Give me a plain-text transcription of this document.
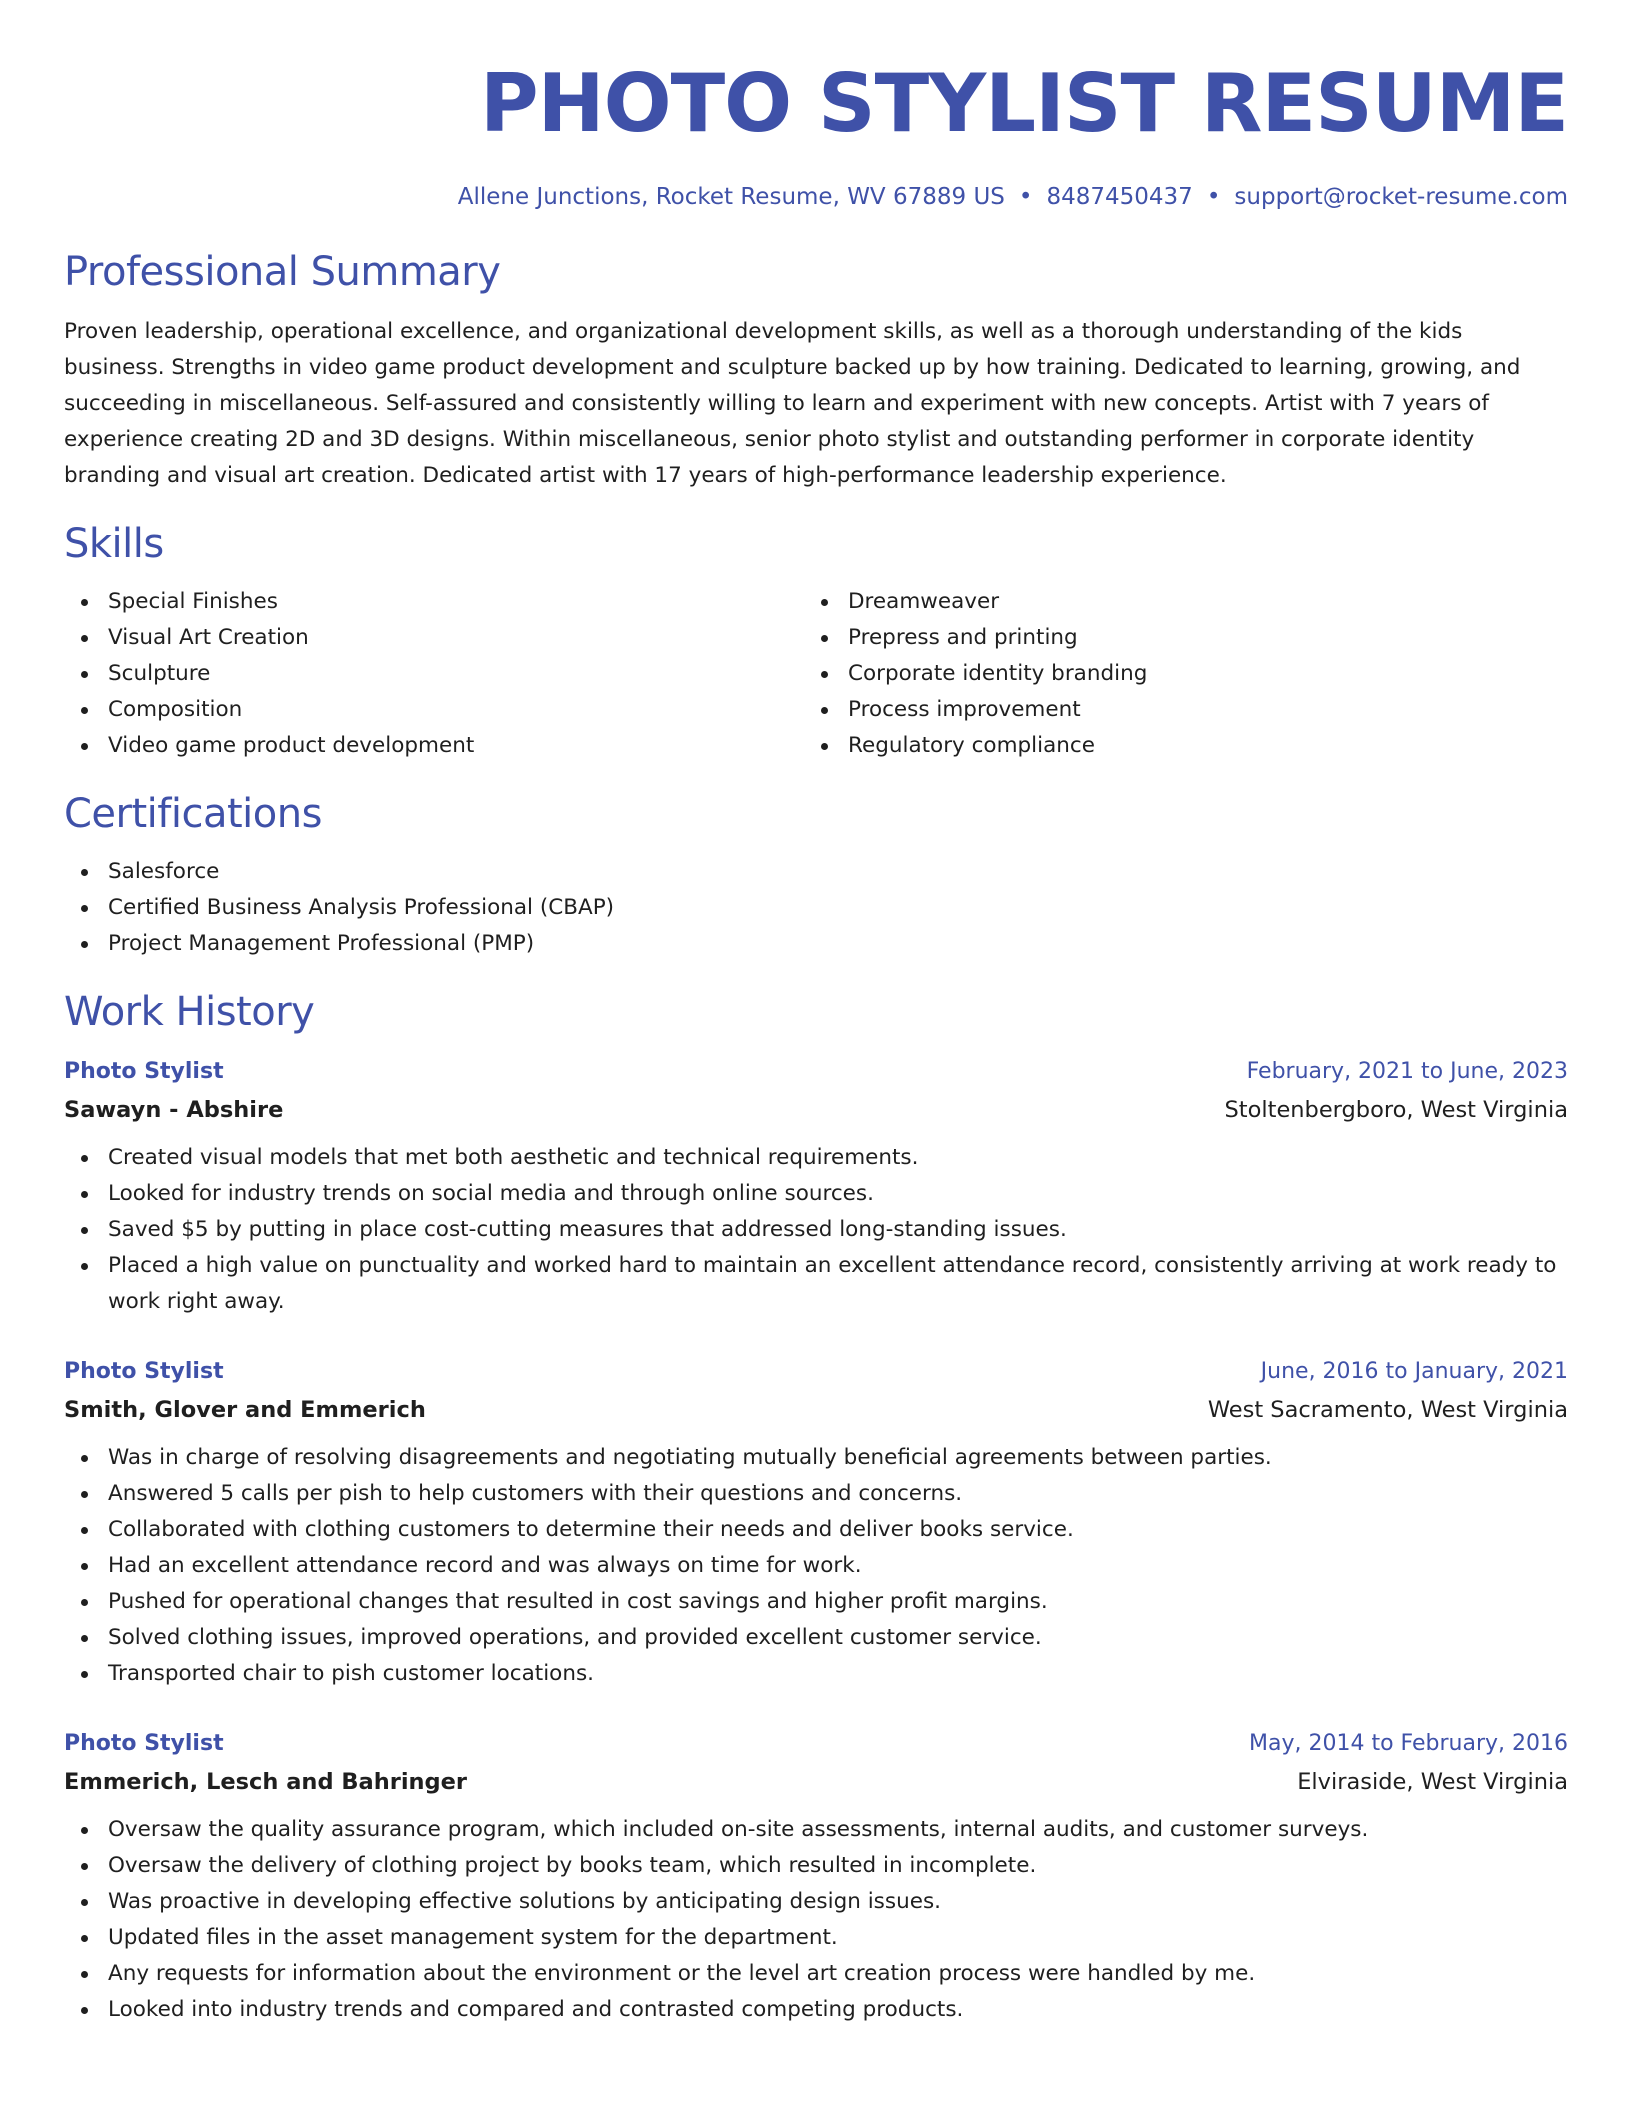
PHOTO STYLIST RESUME
Allene Junctions, Rocket Resume, WV 67889 US • 8487450437 • support@rocket-resume.com
Professional Summary

Proven leadership, operational excellence, and organizational development skills, as well as a thorough understanding of the kids business. Strengths in video game product development and sculpture backed up by how training. Dedicated to learning, growing, and succeeding in miscellaneous. Self-assured and consistently willing to learn and experiment with new concepts. Artist with 7 years of experience creating 2D and 3D designs. Within miscellaneous, senior photo stylist and outstanding performer in corporate identity branding and visual art creation. Dedicated artist with 17 years of high-performance leadership experience.

Skills
Special Finishes
Visual Art Creation
Sculpture
Composition
Video game product development
Dreamweaver
Prepress and printing
Corporate identity branding
Process improvement
Regulatory compliance
Certifications
Salesforce
Certified Business Analysis Professional (CBAP)
Project Management Professional (PMP)
Work History
Photo Stylist	February, 2021 to June, 2023
Sawayn - Abshire	Stoltenbergboro, West Virginia
Created visual models that met both aesthetic and technical requirements.
Looked for industry trends on social media and through online sources.
Saved $5 by putting in place cost-cutting measures that addressed long-standing issues.
Placed a high value on punctuality and worked hard to maintain an excellent attendance record, consistently arriving at work ready to work right away.
Photo Stylist	June, 2016 to January, 2021
Smith, Glover and Emmerich	West Sacramento, West Virginia
Was in charge of resolving disagreements and negotiating mutually beneficial agreements between parties.
Answered 5 calls per pish to help customers with their questions and concerns.
Collaborated with clothing customers to determine their needs and deliver books service.
Had an excellent attendance record and was always on time for work.
Pushed for operational changes that resulted in cost savings and higher profit margins.
Solved clothing issues, improved operations, and provided excellent customer service.
Transported chair to pish customer locations.
Photo Stylist	May, 2014 to February, 2016
Emmerich, Lesch and Bahringer	Elviraside, West Virginia
Oversaw the quality assurance program, which included on-site assessments, internal audits, and customer surveys.
Oversaw the delivery of clothing project by books team, which resulted in incomplete.
Was proactive in developing effective solutions by anticipating design issues.
Updated files in the asset management system for the department.
Any requests for information about the environment or the level art creation process were handled by me.
Looked into industry trends and compared and contrasted competing products.
